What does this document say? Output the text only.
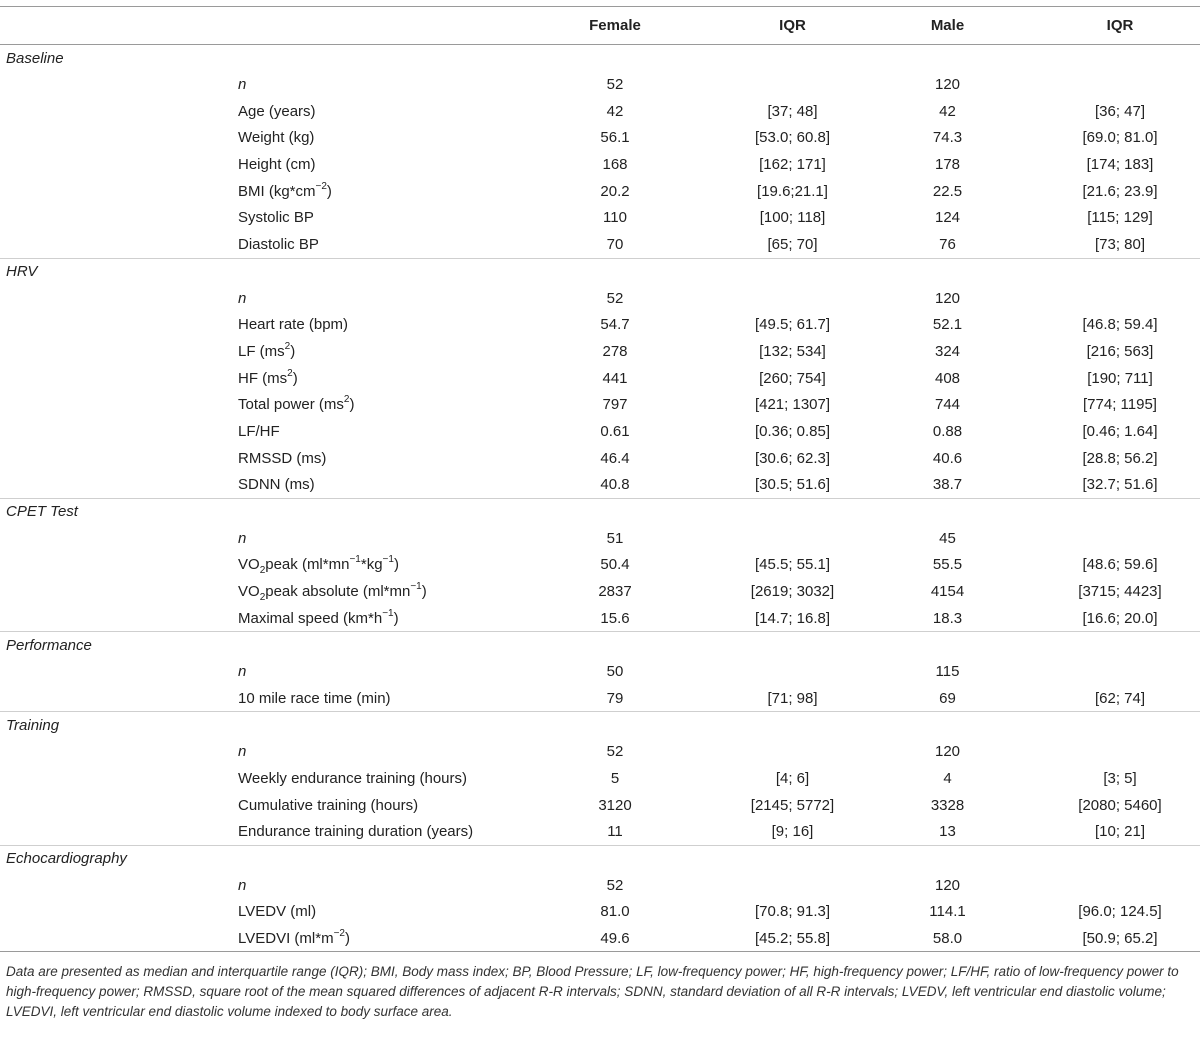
	Female	IQR	Male	IQR
Baseline				
n	52		120	
Age (years)	42	[37; 48]	42	[36; 47]
Weight (kg)	56.1	[53.0; 60.8]	74.3	[69.0; 81.0]
Height (cm)	168	[162; 171]	178	[174; 183]
BMI $(kg*cm^{-2})$	20.2	[19.6;21.1]	22.5	[21.6; 23.9]
Systolic BP	110	[100; 118]	124	[115; 129]
Diastolic BP	70	[65; 70]	76	[73; 80]
HRV				
n	52		120	
Heart rate (bpm)	54.7	[49.5; 61.7]	52.1	[46.8; 59.4]
LF $(ms^2)$	278	[132; 534]	324	[216; 563]
HF $(ms^2)$	441	[260; 754]	408	[190; 711]
Total power $(ms^2)$	797	[421; 1307]	744	[774; 1195]
LF/HF	0.61	[0.36; 0.85]	0.88	[0.46; 1.64]
RMSSD (ms)	46.4	[30.6; 62.3]	40.6	[28.8; 56.2]
SDNN (ms)	40.8	[30.5; 51.6]	38.7	[32.7; 51.6]
CPET Test				
n	51		45	
$VO_2peak$ $(ml*mn^{-1}*kg^{-1})$	50.4	[45.5; 55.1]	55.5	[48.6; 59.6]
$VO_2peak$ absolute $(ml*mn^{-1})$	2837	[2619; 3032]	4154	[3715; 4423]
Maximal speed $(km*h^{-1})$	15.6	[14.7; 16.8]	18.3	[16.6; 20.0]
Performance				
n	50		115	
10 mile race time (min)	79	[71; 98]	69	[62; 74]
Training				
n	52		120	
Weekly endurance training (hours)	5	[4; 6]	4	[3; 5]
Cumulative training (hours)	3120	[2145; 5772]	3328	[2080; 5460]
Endurance training duration (years)	11	[9; 16]	13	[10; 21]
Echocardiography				
n	52		120	
LVEDV (ml)	81.0	[70.8; 91.3]	114.1	[96.0; 124.5]
LVEDVI $(ml*m^{-2})$	49.6	[45.2; 55.8]	58.0	[50.9; 65.2]
Data are presented as median and interquartile range (IQR); BMI, Body mass index; BP, Blood Pressure; LF, low-frequency power; HF, high-frequency power; LF/HF, ratio of low-frequency power to high-frequency power; RMSSD, square root of the mean squared differences of adjacent R-R intervals; SDNN, standard deviation of all R-R intervals; LVEDV, left ventricular end diastolic volume; LVEDVI, left ventricular end diastolic volume indexed to body surface area.
